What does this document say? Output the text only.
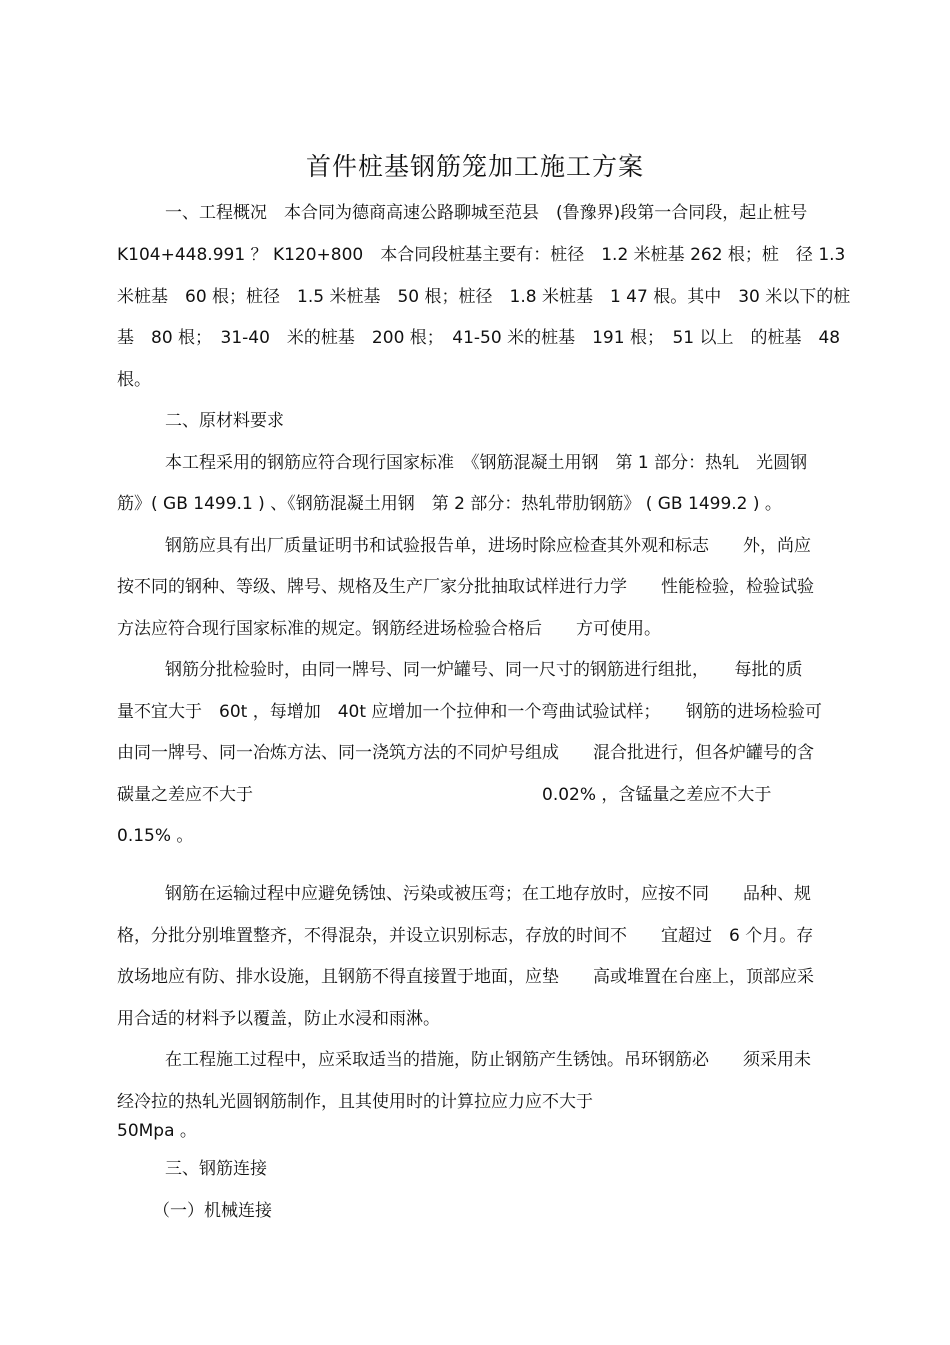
首件桩基钢筋笼加工施工方案
一、工程概况　本合同为德商高速公路聊城至范县　(鲁豫界)段第一合同段，起止桩号
K104+448.991 ？ K120+800　本合同段桩基主要有：桩径　1.2 米桩基 262 根；桩　径 1.3
米桩基　60 根；桩径　1.5 米桩基　50 根；桩径　1.8 米桩基　1 47 根。其中　30 米以下的桩
基　80 根；　31-40　米的桩基　200 根；　41-50 米的桩基　191 根；　51 以上　的桩基　48
根。
二、原材料要求
本工程采用的钢筋应符合现行国家标准　《钢筋混凝土用钢　第 1 部分：热轧　光圆钢
筋》( GB 1499.1 ) 、《钢筋混凝土用钢　第 2 部分：热轧带肋钢筋》 ( GB 1499.2 ) 。
钢筋应具有出厂质量证明书和试验报告单，进场时除应检查其外观和标志　　外，尚应
按不同的钢种、等级、牌号、规格及生产厂家分批抽取试样进行力学　　性能检验，检验试验
方法应符合现行国家标准的规定。钢筋经进场检验合格后　　方可使用。
钢筋分批检验时，由同一牌号、同一炉罐号、同一尺寸的钢筋进行组批，　　每批的质
量不宜大于　60t ，每增加　40t 应增加一个拉伸和一个弯曲试验试样；　　钢筋的进场检验可
由同一牌号、同一冶炼方法、同一浇筑方法的不同炉号组成　　混合批进行，但各炉罐号的含
碳量之差应不大于　　　　　　　　　　　　　　　　　0.02% ，含锰量之差应不大于
0.15% 。
钢筋在运输过程中应避免锈蚀、污染或被压弯；在工地存放时，应按不同　　品种、规
格，分批分别堆置整齐，不得混杂，并设立识别标志，存放的时间不　　宜超过　6 个月。存
放场地应有防、排水设施，且钢筋不得直接置于地面，应垫　　高或堆置在台座上，顶部应采
用合适的材料予以覆盖，防止水浸和雨淋。
在工程施工过程中，应采取适当的措施，防止钢筋产生锈蚀。吊环钢筋必　　须采用未
经冷拉的热轧光圆钢筋制作，且其使用时的计算拉应力应不大于
50Mpa 。
三、钢筋连接
（一）机械连接
